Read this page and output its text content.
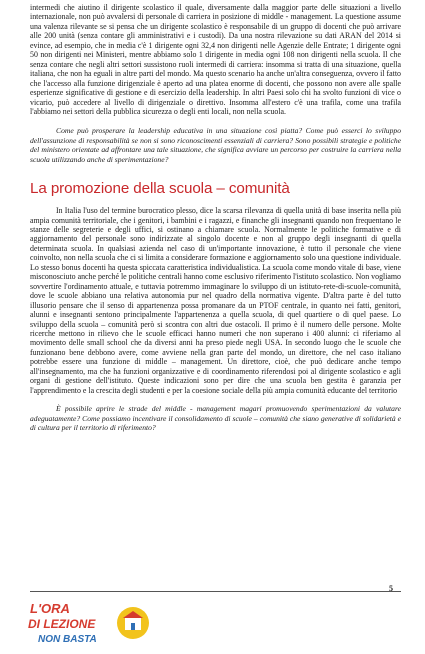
intermedi che aiutino il dirigente scolastico il quale, diversamente dalla maggior parte delle situazioni a livello internazionale, non può avvalersi di personale di carriera in posizione di middle - management. La questione assume una valenza rilevante se si pensa che un dirigente scolastico è responsabile di un gruppo di docenti che può arrivare alle 200 unità (senza contare gli amministrativi e i custodi). Da una nostra rilevazione su dati ARAN del 2014 si evince, ad esempio, che in media c'è 1 dirigente ogni 32,4 non dirigenti nelle Agenzie delle Entrate; 1 dirigente ogni 50 non dirigenti nei Ministeri, mentre abbiamo solo 1 dirigente in media ogni 108 non dirigenti nella scuola. Il che senza contare che negli altri settori sussistono ruoli intermedi di carriera: insomma si tratta di una situazione, quella italiana, che non ha eguali in altre parti del mondo. Ma questo scenario ha anche un'altra conseguenza, ovvero il fatto che l'accesso alla funzione dirigenziale è aperto ad una platea enorme di docenti, che possono non avere alle spalle esperienze significative di gestione e di esercizio della leadership. In altri Paesi solo chi ha svolto funzioni di vice o vicario, può accedere al livello di dirigenziale o direttivo. Insomma all'estero c'è una trafila, come una trafila l'abbiamo nei settori della pubblica sicurezza o degli enti locali, non nella scuola.

Come può prosperare la leadership educativa in una situazione così piatta? Come può esserci lo sviluppo dell'assunzione di responsabilità se non si sono riconoscimenti essenziali di carriera? Sono possibili strategie e politiche del ministero orientate ad affrontare una tale situazione, che significa avviare un percorso per costruire la carriera nella scuola utilizzando anche di sperimentazione?

La promozione della scuola – comunità

In Italia l'uso del termine burocratico plesso, dice la scarsa rilevanza di quella unità di base inserita nella più ampia comunità territoriale, che i genitori, i bambini e i ragazzi, e finanche gli insegnanti quando non frequentano le stanze delle segreterie e degli uffici, si ostinano a chiamare scuola. Normalmente le politiche formative e di aggiornamento del personale sono indirizzate al singolo docente e non al gruppo degli insegnanti di quella determinata scuola. In qualsiasi azienda nel caso di un'importante innovazione, è tutto il personale che viene coinvolto, non nella scuola che ci si limita a considerare formazione e aggiornamento solo una questione individuale. Lo stesso bonus docenti ha questa spiccata caratteristica individualistica. La scuola come mondo vitale di base, viene misconosciuto anche perché le politiche centrali hanno come esclusivo riferimento l'istituto scolastico. Non vogliamo sovvertire l'ordinamento attuale, e tuttavia potremmo immaginare lo sviluppo di un istituto-rete-di-scuole-comunità, dove le scuole abbiano una relativa autonomia pur nel quadro della normativa vigente. D'altra parte è del tutto illusorio pensare che il senso di appartenenza possa promanare da un PTOF centrale, in quanto nei fatti, genitori, alunni e insegnanti sentono principalmente l'appartenenza a quella scuola, di quel quartiere o di quel paese. Lo sviluppo della scuola – comunità però si scontra con altri due ostacoli. Il primo è il numero delle persone. Molte ricerche mettono in rilievo che le scuole efficaci hanno numeri che non superano i 400 alunni: ci riferiamo al movimento delle small school che da diversi anni ha preso piede negli USA. In secondo luogo che le scuole che funzionano bene debbono avere, come avviene nella gran parte del mondo, un direttore, che nel caso italiano potrebbe essere una funzione di middle – management. Un direttore, cioè, che può dedicare anche tempo all'insegnamento, ma che ha funzioni organizzative e di coordinamento riferendosi poi al dirigente scolastico e agli organi di gestione dell'istituto. Queste indicazioni sono per dire che una scuola ben gestita è garanzia per l'apprendimento e la crescita degli studenti e per la coesione sociale della più ampia comunità educante del territorio

È possibile aprire le strade del middle - management magari promuovendo sperimentazioni da valutare adeguatamente? Come possiamo incentivare il consolidamento di scuole – comunità che siano generative di solidarietà e di cultura per il territorio di riferimento?

5
L'ORA
DI LEZIONE
NON BASTA
